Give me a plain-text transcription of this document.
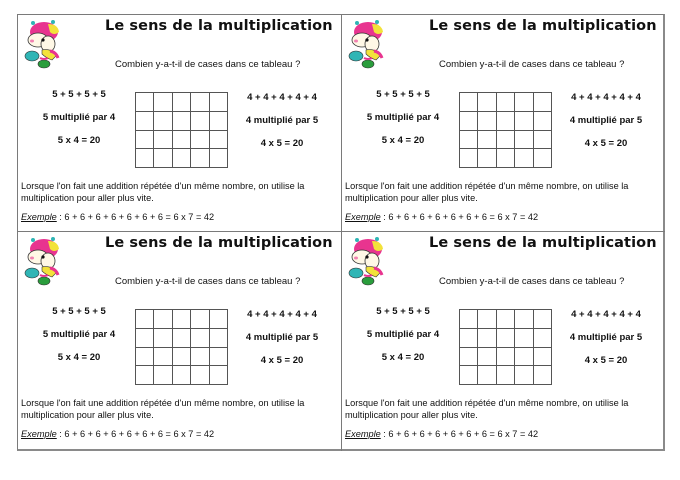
Le sens de la multiplication
Combien y-a-t-il de cases dans ce tableau ?
5 + 5 + 5 + 5
5 multiplié par 4
5 x 4 = 20

4 + 4 + 4 + 4 + 4
4 multiplié par 5
4 x 5 = 20
Lorsque l'on fait une addition répétée d'un même nombre, on utilise la multiplication pour aller plus vite.
Exemple : 6 + 6 + 6 + 6 + 6 + 6 + 6 = 6 x 7 = 42
Le sens de la multiplication
Combien y-a-t-il de cases dans ce tableau ?
5 + 5 + 5 + 5
5 multiplié par 4
5 x 4 = 20

4 + 4 + 4 + 4 + 4
4 multiplié par 5
4 x 5 = 20
Lorsque l'on fait une addition répétée d'un même nombre, on utilise la multiplication pour aller plus vite.
Exemple : 6 + 6 + 6 + 6 + 6 + 6 + 6 = 6 x 7 = 42
Le sens de la multiplication
Combien y-a-t-il de cases dans ce tableau ?
5 + 5 + 5 + 5
5 multiplié par 4
5 x 4 = 20

4 + 4 + 4 + 4 + 4
4 multiplié par 5
4 x 5 = 20
Lorsque l'on fait une addition répétée d'un même nombre, on utilise la multiplication pour aller plus vite.
Exemple : 6 + 6 + 6 + 6 + 6 + 6 + 6 = 6 x 7 = 42
Le sens de la multiplication
Combien y-a-t-il de cases dans ce tableau ?
5 + 5 + 5 + 5
5 multiplié par 4
5 x 4 = 20

4 + 4 + 4 + 4 + 4
4 multiplié par 5
4 x 5 = 20
Lorsque l'on fait une addition répétée d'un même nombre, on utilise la multiplication pour aller plus vite.
Exemple : 6 + 6 + 6 + 6 + 6 + 6 + 6 = 6 x 7 = 42
